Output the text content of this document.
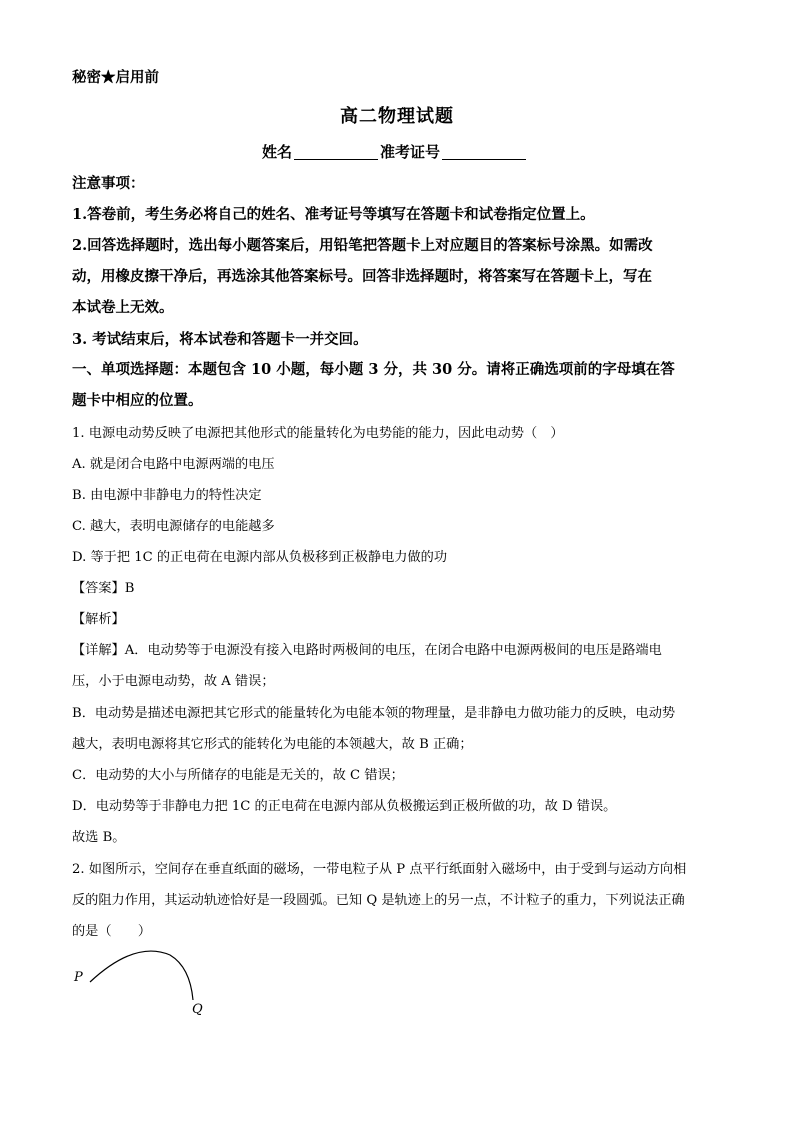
秘密★启用前
高二物理试题
姓名	准考证号
注意事项：
1.答卷前，考生务必将自己的姓名、准考证号等填写在答题卡和试卷指定位置上。
2.回答选择题时，选出每小题答案后，用铅笔把答题卡上对应题目的答案标号涂黑。如需改
动，用橡皮擦干净后，再选涂其他答案标号。回答非选择题时，将答案写在答题卡上，写在
本试卷上无效。
3. 考试结束后，将本试卷和答题卡一并交回。
一、单项选择题：本题包含 10 小题，每小题 3 分，共 30 分。请将正确选项前的字母填在答
题卡中相应的位置。
1. 电源电动势反映了电源把其他形式的能量转化为电势能的能力，因此电动势（　）
A. 就是闭合电路中电源两端的电压
B. 由电源中非静电力的特性决定
C. 越大，表明电源储存的电能越多
D. 等于把 1C 的正电荷在电源内部从负极移到正极静电力做的功
【答案】B
【解析】
【详解】A．电动势等于电源没有接入电路时两极间的电压，在闭合电路中电源两极间的电压是路端电
压，小于电源电动势，故 A 错误；
B．电动势是描述电源把其它形式的能量转化为电能本领的物理量，是非静电力做功能力的反映，电动势
越大，表明电源将其它形式的能转化为电能的本领越大，故 B 正确；
C．电动势的大小与所储存的电能是无关的，故 C 错误；
D．电动势等于非静电力把 1C 的正电荷在电源内部从负极搬运到正极所做的功，故 D 错误。
故选 B。
2. 如图所示，空间存在垂直纸面的磁场，一带电粒子从 P 点平行纸面射入磁场中，由于受到与运动方向相
反的阻力作用，其运动轨迹恰好是一段圆弧。已知 Q 是轨迹上的另一点，不计粒子的重力，下列说法正确
的是（　　）
P
Q
